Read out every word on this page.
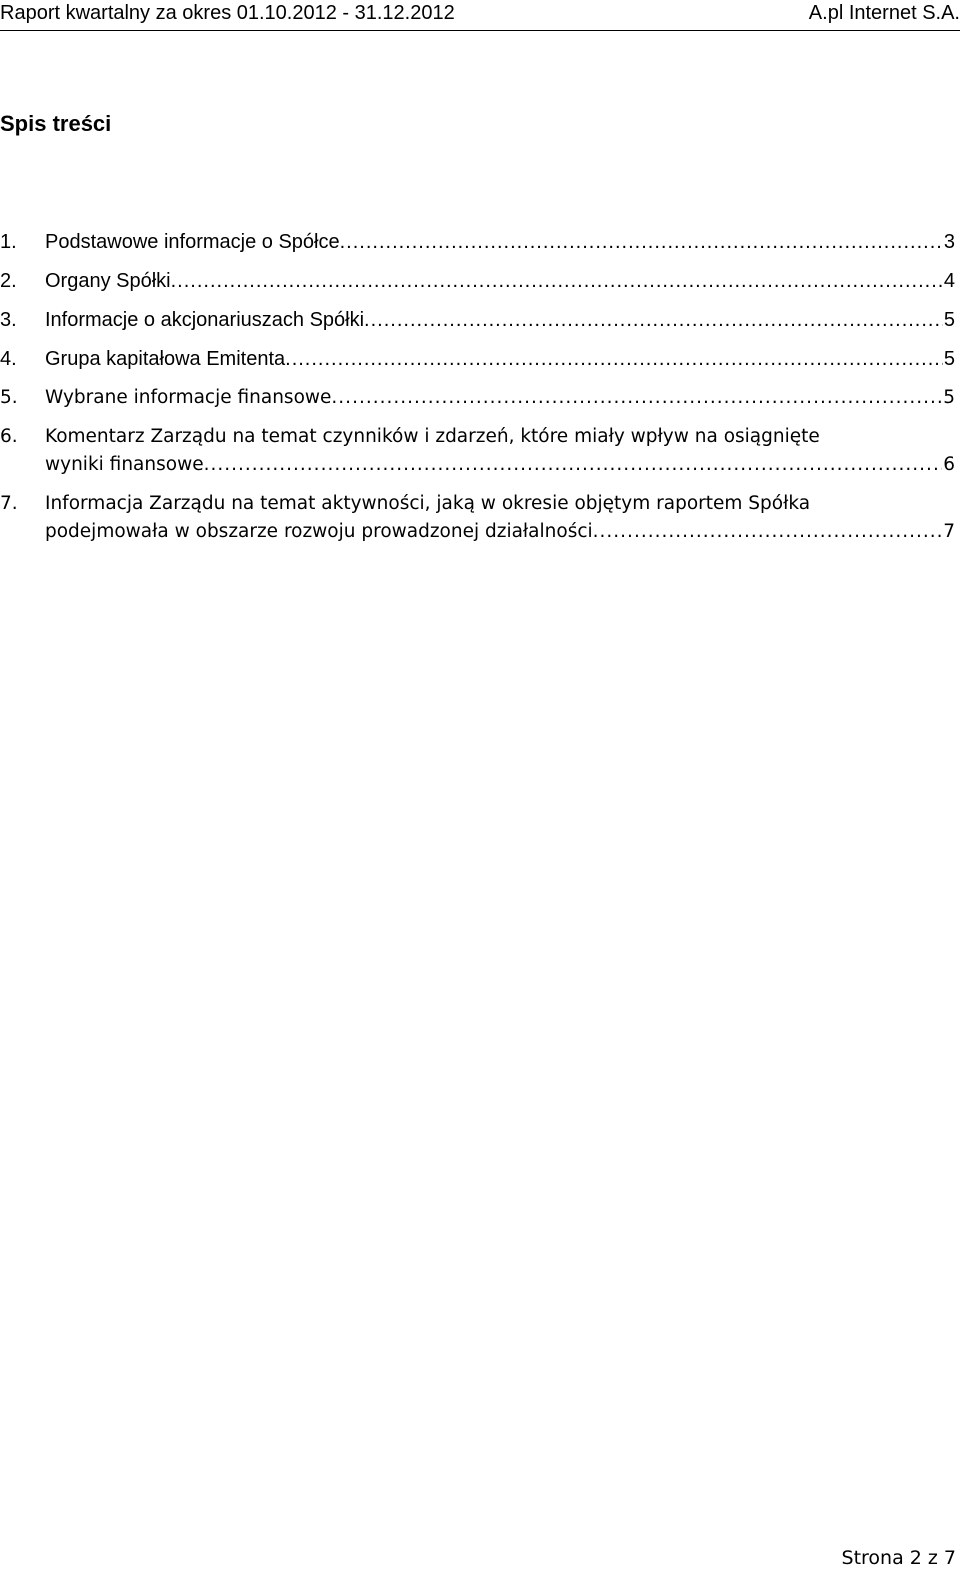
Raport kwartalny za okres 01.10.2012 - 31.12.2012	A.pl Internet S.A.
Spis treści
1. Podstawowe informacje o Spółce .....	3
2. Organy Spółki .....	4
3. Informacje o akcjonariuszach Spółki .....	5
4. Grupa kapitałowa Emitenta .....	5
5. Wybrane informacje finansowe .....	5
6. Komentarz Zarządu na temat czynników i zdarzeń, które miały wpływ na osiągnięte
wyniki finansowe .....	6
7. Informacja Zarządu na temat aktywności, jaką w okresie objętym raportem Spółka
podejmowała w obszarze rozwoju prowadzonej działalności .....	7
Strona 2 z 7
